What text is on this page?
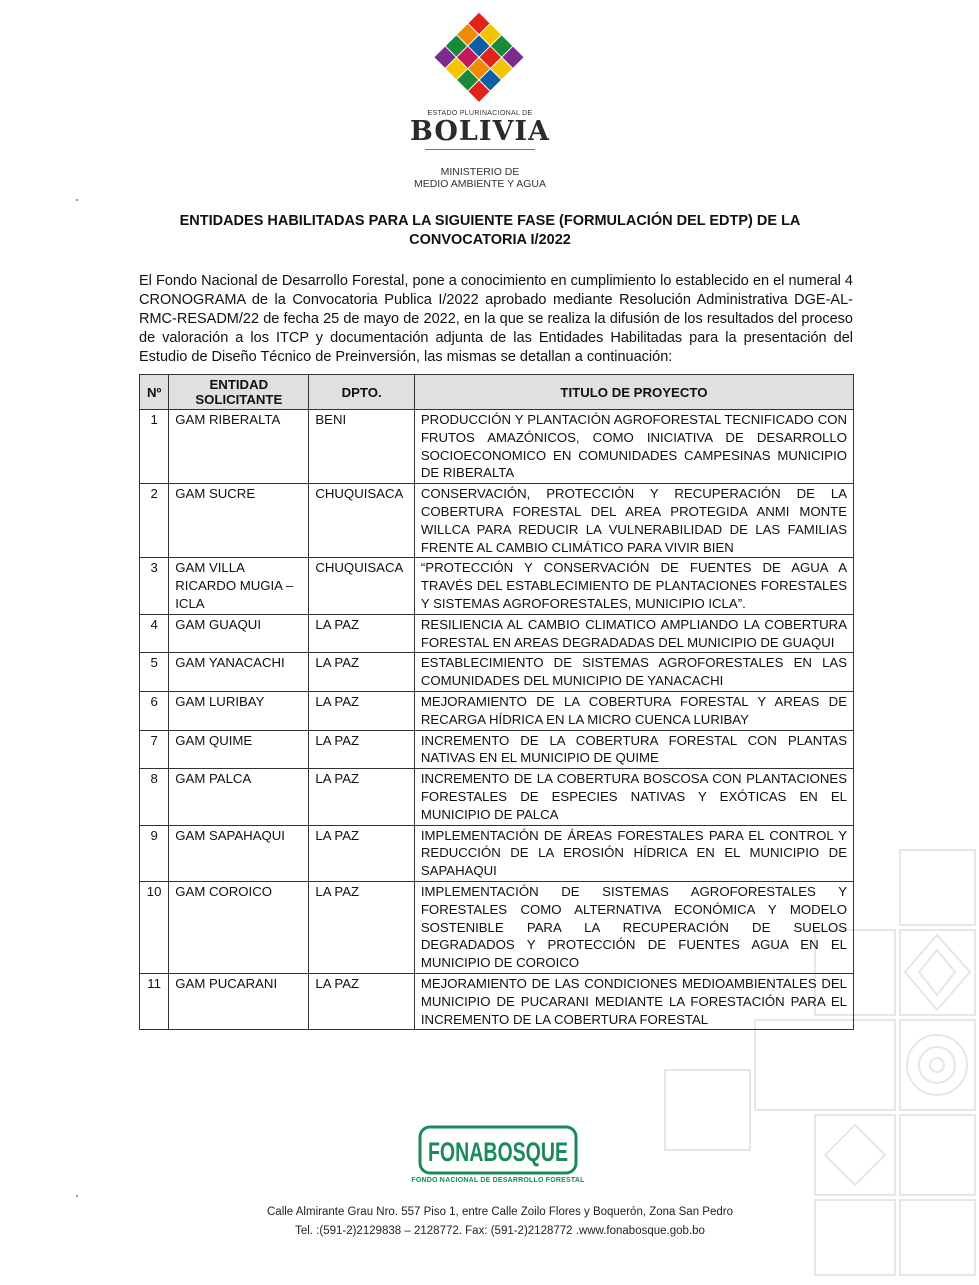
ESTADO PLURINACIONAL DE
BOLIVIA
MINISTERIO DE
MEDIO AMBIENTE Y AGUA
ENTIDADES HABILITADAS PARA LA SIGUIENTE FASE (FORMULACIÓN DEL EDTP) DE LA
CONVOCATORIA I/2022

El Fondo Nacional de Desarrollo Forestal, pone a conocimiento en cumplimiento lo establecido en el numeral 4 CRONOGRAMA de la Convocatoria Publica I/2022 aprobado mediante Resolución Administrativa DGE-AL-RMC-RESADM/22 de fecha 25 de mayo de 2022, en la que se realiza la difusión de los resultados del proceso de valoración a los ITCP y documentación adjunta de las Entidades Habilitadas para la presentación del Estudio de Diseño Técnico de Preinversión, las mismas se detallan a continuación:

Nº	ENTIDAD SOLICITANTE	DPTO.	TITULO DE PROYECTO
1	GAM RIBERALTA	BENI	PRODUCCIÓN Y PLANTACIÓN AGROFORESTAL TECNIFICADO CON FRUTOS AMAZÓNICOS, COMO INICIATIVA DE DESARROLLO SOCIOECONOMICO EN COMUNIDADES CAMPESINAS MUNICIPIO DE RIBERALTA
2	GAM SUCRE	CHUQUISACA	CONSERVACIÓN, PROTECCIÓN Y RECUPERACIÓN DE LA COBERTURA FORESTAL DEL AREA PROTEGIDA ANMI MONTE WILLCA PARA REDUCIR LA VULNERABILIDAD DE LAS FAMILIAS FRENTE AL CAMBIO CLIMÁTICO PARA VIVIR BIEN
3	GAM VILLA RICARDO MUGIA – ICLA	CHUQUISACA	“PROTECCIÓN Y CONSERVACIÓN DE FUENTES DE AGUA A TRAVÉS DEL ESTABLECIMIENTO DE PLANTACIONES FORESTALES Y SISTEMAS AGROFORESTALES, MUNICIPIO ICLA”.
4	GAM GUAQUI	LA PAZ	RESILIENCIA AL CAMBIO CLIMATICO AMPLIANDO LA COBERTURA FORESTAL EN AREAS DEGRADADAS DEL MUNICIPIO DE GUAQUI
5	GAM YANACACHI	LA PAZ	ESTABLECIMIENTO DE SISTEMAS AGROFORESTALES EN LAS COMUNIDADES DEL MUNICIPIO DE YANACACHI
6	GAM LURIBAY	LA PAZ	MEJORAMIENTO DE LA COBERTURA FORESTAL Y AREAS DE RECARGA HÍDRICA EN LA MICRO CUENCA LURIBAY
7	GAM QUIME	LA PAZ	INCREMENTO DE LA COBERTURA FORESTAL CON PLANTAS NATIVAS EN EL MUNICIPIO DE QUIME
8	GAM PALCA	LA PAZ	INCREMENTO DE LA COBERTURA BOSCOSA CON PLANTACIONES FORESTALES DE ESPECIES NATIVAS Y EXÓTICAS EN EL MUNICIPIO DE PALCA
9	GAM SAPAHAQUI	LA PAZ	IMPLEMENTACIÓN DE ÁREAS FORESTALES PARA EL CONTROL Y REDUCCIÓN DE LA EROSIÓN HÍDRICA EN EL MUNICIPIO DE SAPAHAQUI
10	GAM COROICO	LA PAZ	IMPLEMENTACIÓN DE SISTEMAS AGROFORESTALES Y FORESTALES COMO ALTERNATIVA ECONÓMICA Y MODELO SOSTENIBLE PARA LA RECUPERACIÓN DE SUELOS DEGRADADOS Y PROTECCIÓN DE FUENTES AGUA EN EL MUNICIPIO DE COROICO
11	GAM PUCARANI	LA PAZ	MEJORAMIENTO DE LAS CONDICIONES MEDIOAMBIENTALES DEL MUNICIPIO DE PUCARANI MEDIANTE LA FORESTACIÓN PARA EL INCREMENTO DE LA COBERTURA FORESTAL
FONABOSQUE
FONDO NACIONAL DE DESARROLLO FORESTAL
Calle Almirante Grau Nro. 557 Piso 1, entre Calle Zoilo Flores y Boquerón, Zona San Pedro
Tel. :(591-2)2129838 – 2128772. Fax: (591-2)2128772 .www.fonabosque.gob.bo
